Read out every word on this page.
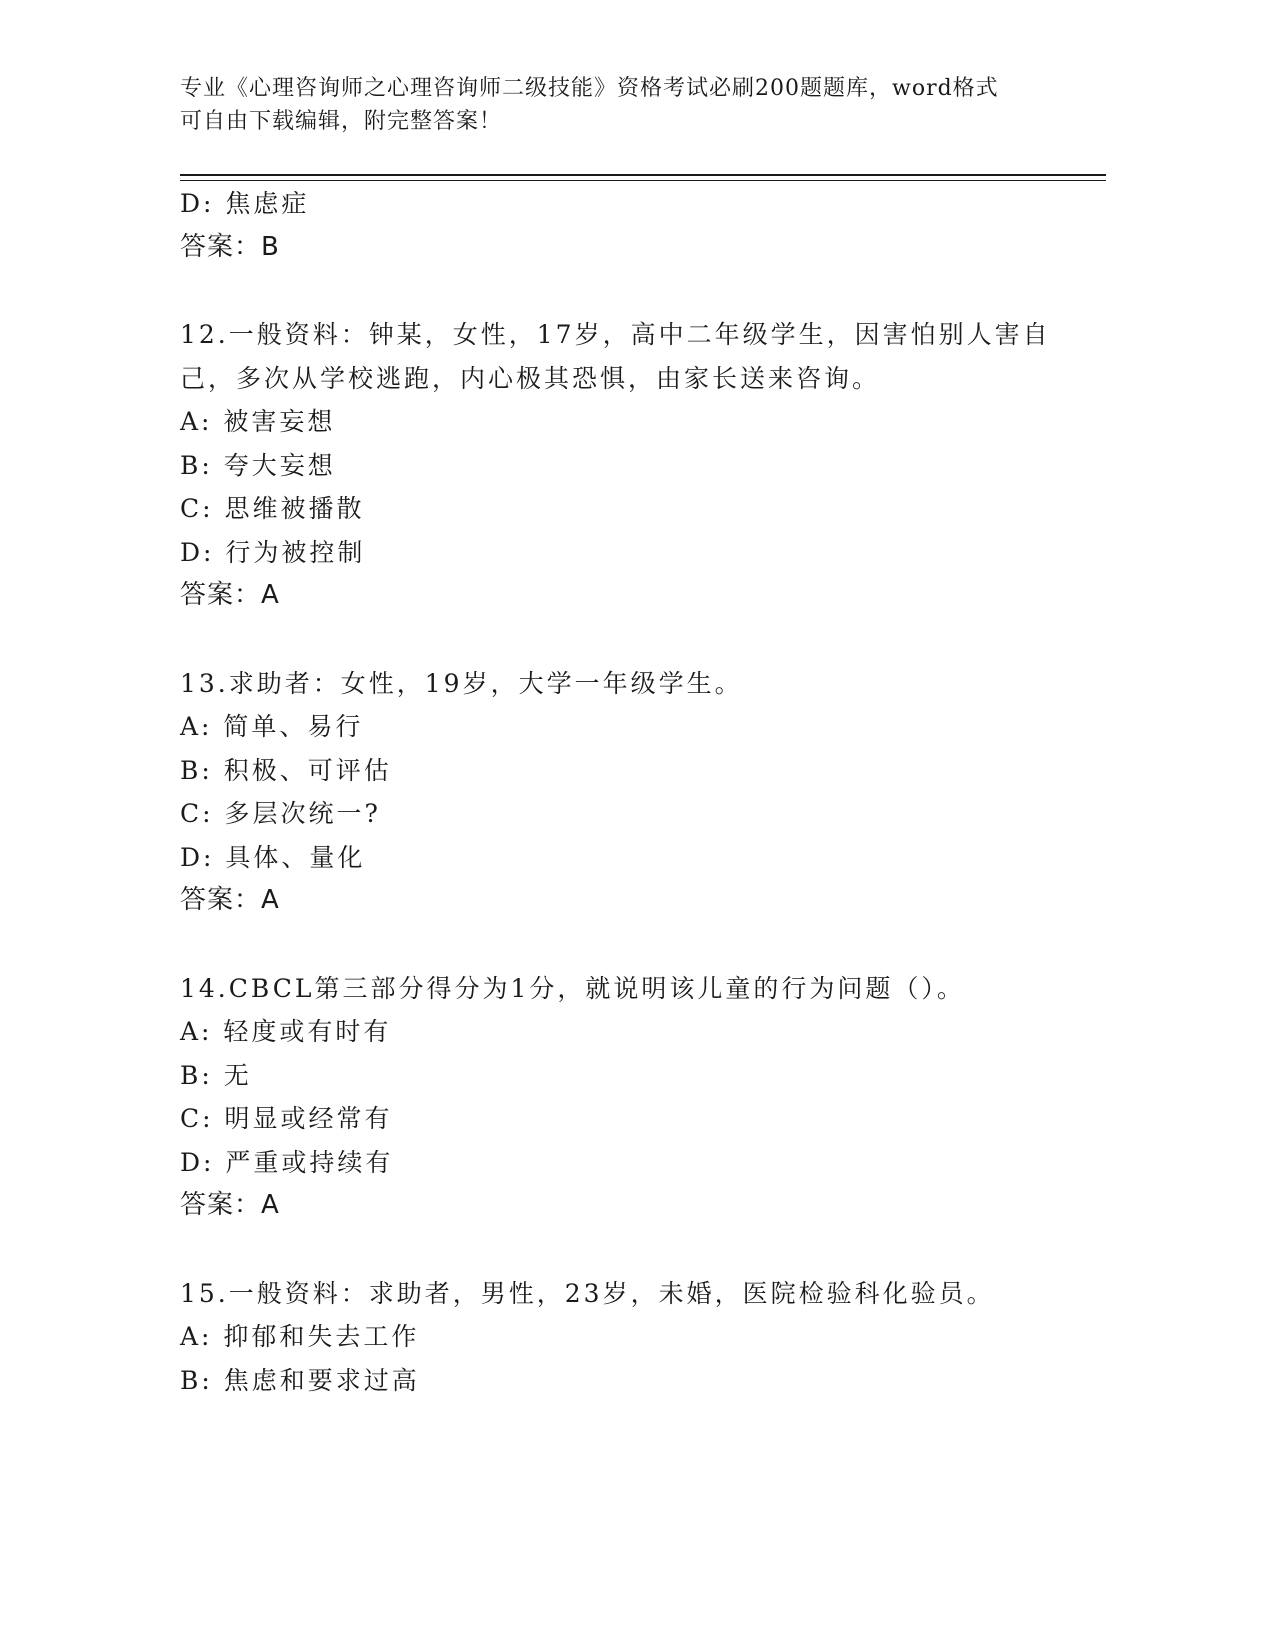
专业《心理咨询师之心理咨询师二级技能》资格考试必刷200题题库，word格式
可自由下载编辑，附完整答案！
D: 焦虑症
答案：B
12.一般资料：钟某，女性，17岁，高中二年级学生，因害怕别人害自
己，多次从学校逃跑，内心极其恐惧，由家长送来咨询。
A: 被害妄想
B: 夸大妄想
C: 思维被播散
D: 行为被控制
答案：A
13.求助者：女性，19岁，大学一年级学生。
A: 简单、易行
B: 积极、可评估
C: 多层次统一?
D: 具体、量化
答案：A
14.CBCL第三部分得分为1分，就说明该儿童的行为问题（）。
A: 轻度或有时有
B: 无
C: 明显或经常有
D: 严重或持续有
答案：A
15.一般资料：求助者，男性，23岁，未婚，医院检验科化验员。
A: 抑郁和失去工作
B: 焦虑和要求过高
